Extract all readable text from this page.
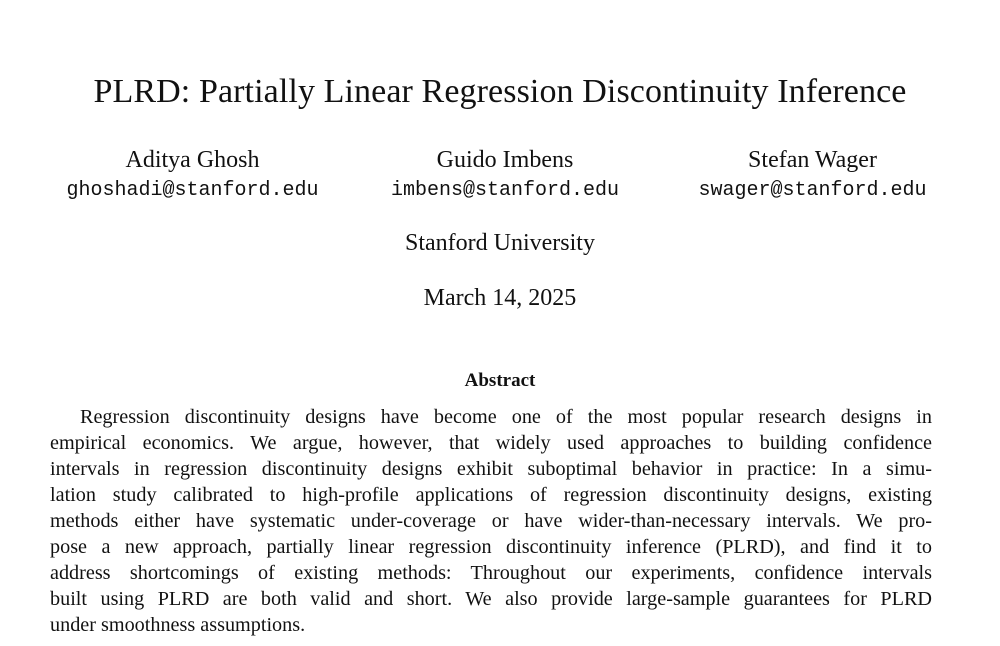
PLRD: Partially Linear Regression Discontinuity Inference
Aditya Ghosh
ghoshadi@stanford.edu
Guido Imbens
imbens@stanford.edu
Stefan Wager
swager@stanford.edu
Stanford University
March 14, 2025
Abstract
Regression discontinuity designs have become one of the most popular research designs in
empirical economics. We argue, however, that widely used approaches to building confidence
intervals in regression discontinuity designs exhibit suboptimal behavior in practice: In a simu-
lation study calibrated to high-profile applications of regression discontinuity designs, existing
methods either have systematic under-coverage or have wider-than-necessary intervals. We pro-
pose a new approach, partially linear regression discontinuity inference (PLRD), and find it to
address shortcomings of existing methods: Throughout our experiments, confidence intervals
built using PLRD are both valid and short. We also provide large-sample guarantees for PLRD
under smoothness assumptions.
